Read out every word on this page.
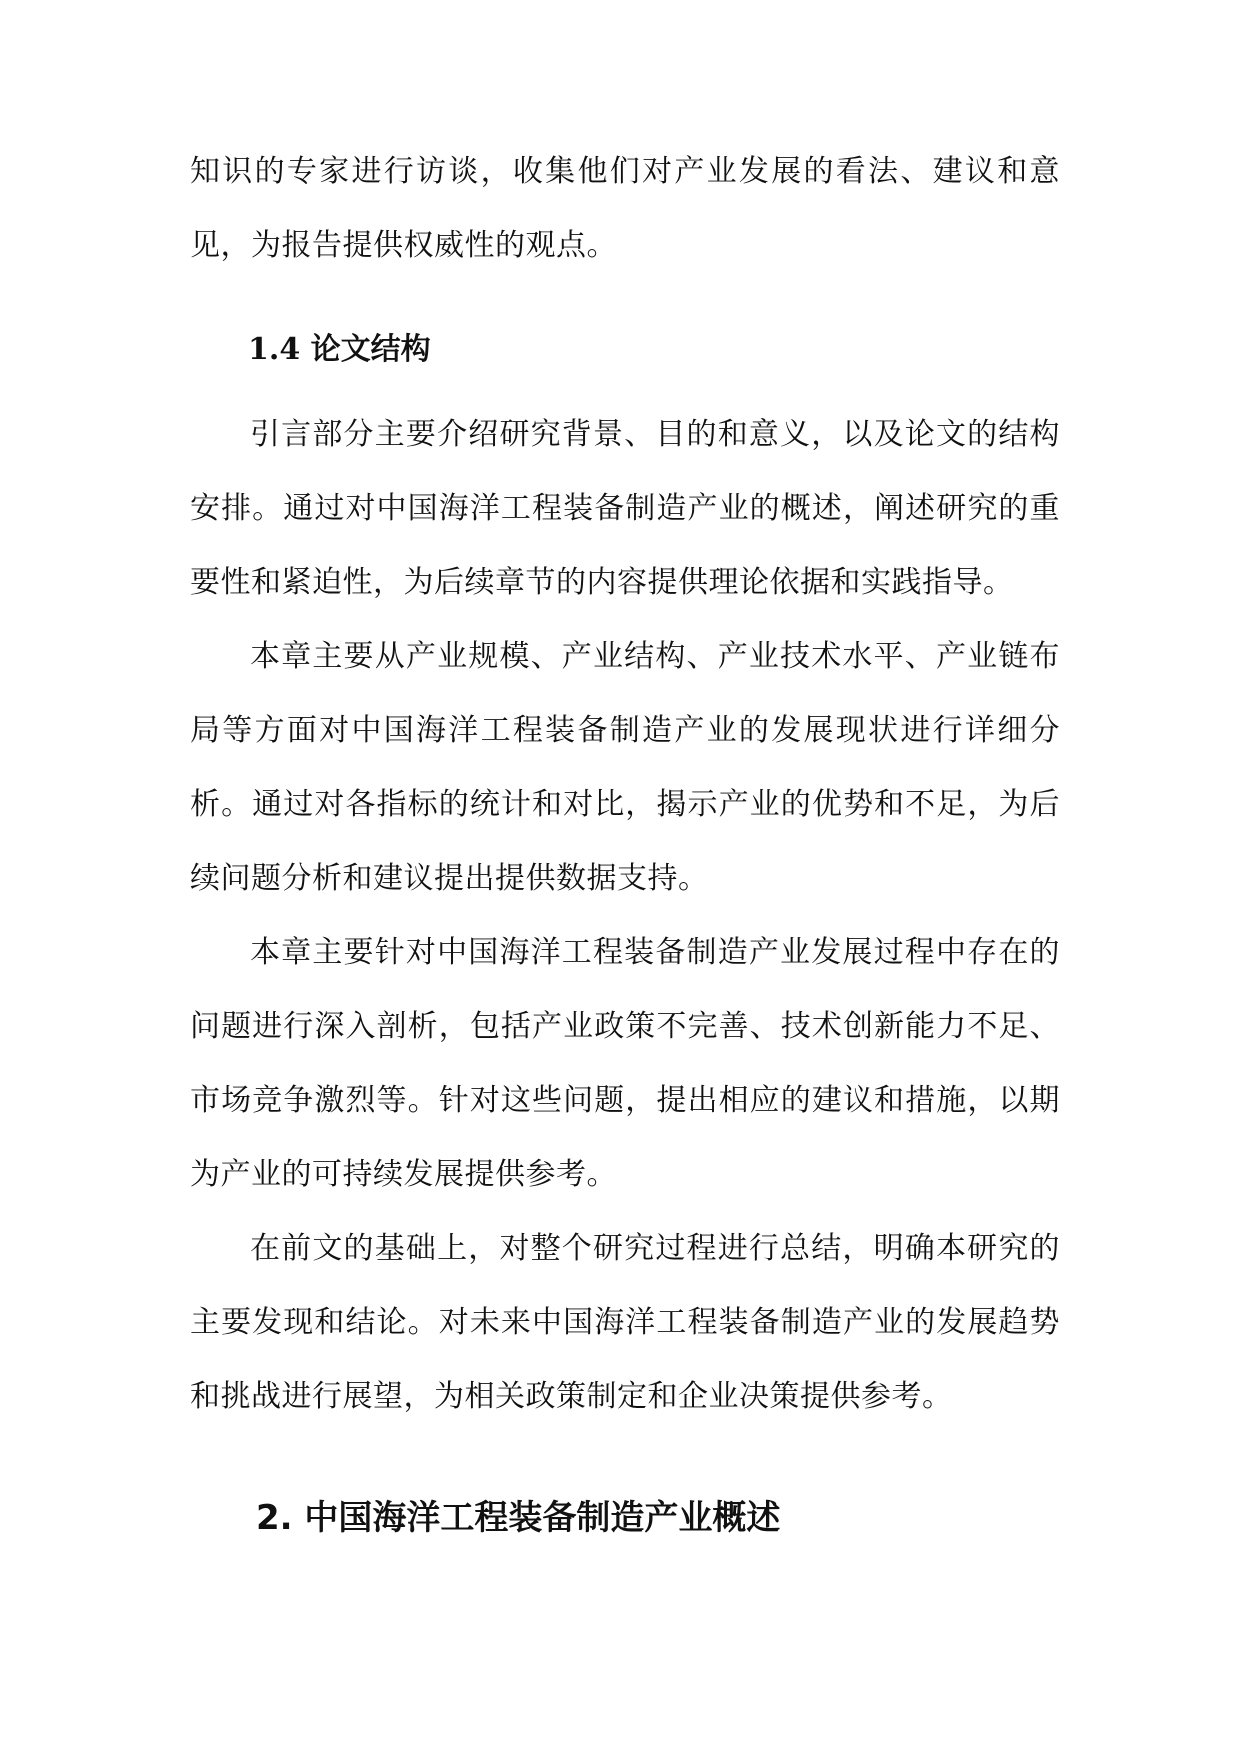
知识的专家进行访谈，收集他们对产业发展的看法、建议和意见，为报告提供权威性的观点。

1.4 论文结构

引言部分主要介绍研究背景、目的和意义，以及论文的结构安排。通过对中国海洋工程装备制造产业的概述，阐述研究的重要性和紧迫性，为后续章节的内容提供理论依据和实践指导。

本章主要从产业规模、产业结构、产业技术水平、产业链布局等方面对中国海洋工程装备制造产业的发展现状进行详细分析。通过对各指标的统计和对比，揭示产业的优势和不足，为后续问题分析和建议提出提供数据支持。

本章主要针对中国海洋工程装备制造产业发展过程中存在的问题进行深入剖析，包括产业政策不完善、技术创新能力不足、市场竞争激烈等。针对这些问题，提出相应的建议和措施，以期为产业的可持续发展提供参考。

在前文的基础上，对整个研究过程进行总结，明确本研究的主要发现和结论。对未来中国海洋工程装备制造产业的发展趋势和挑战进行展望，为相关政策制定和企业决策提供参考。

2. 中国海洋工程装备制造产业概述
